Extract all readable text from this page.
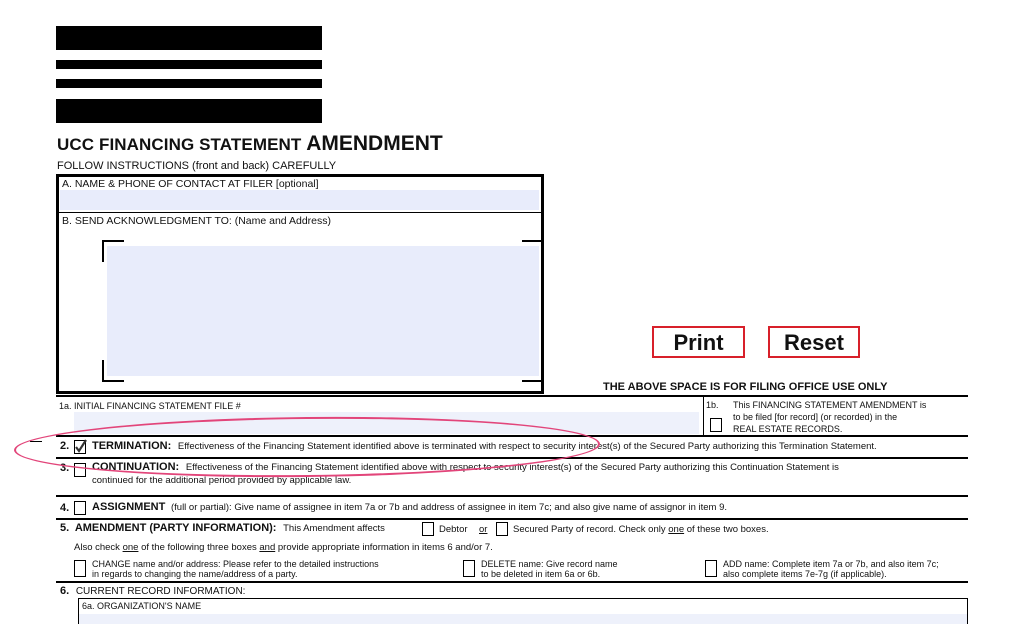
UCC FINANCING STATEMENT AMENDMENT
FOLLOW INSTRUCTIONS (front and back) CAREFULLY
A. NAME & PHONE OF CONTACT AT FILER [optional]
B. SEND ACKNOWLEDGMENT TO: (Name and Address)
Print	Reset
THE ABOVE SPACE IS FOR FILING OFFICE USE ONLY
1a. INITIAL FINANCING STATEMENT FILE #	1b. This FINANCING STATEMENT AMENDMENT is
to be filed [for record] (or recorded) in the
REAL ESTATE RECORDS.
2. TERMINATION: Effectiveness of the Financing Statement identified above is terminated with respect to security interest(s) of the Secured Party authorizing this Termination Statement.
3. CONTINUATION: Effectiveness of the Financing Statement identified above with respect to security interest(s) of the Secured Party authorizing this Continuation Statement is
continued for the additional period provided by applicable law.
4. ASSIGNMENT (full or partial): Give name of assignee in item 7a or 7b and address of assignee in item 7c; and also give name of assignor in item 9.
5. AMENDMENT (PARTY INFORMATION): This Amendment affects	Debtor or	Secured Party of record. Check only one of these two boxes.
Also check one of the following three boxes and provide appropriate information in items 6 and/or 7.
CHANGE name and/or address: Please refer to the detailed instructions
in regards to changing the name/address of a party.
DELETE name: Give record name
to be deleted in item 6a or 6b.
ADD name: Complete item 7a or 7b, and also item 7c;
also complete items 7e-7g (if applicable).
6. CURRENT RECORD INFORMATION:
6a. ORGANIZATION'S NAME
